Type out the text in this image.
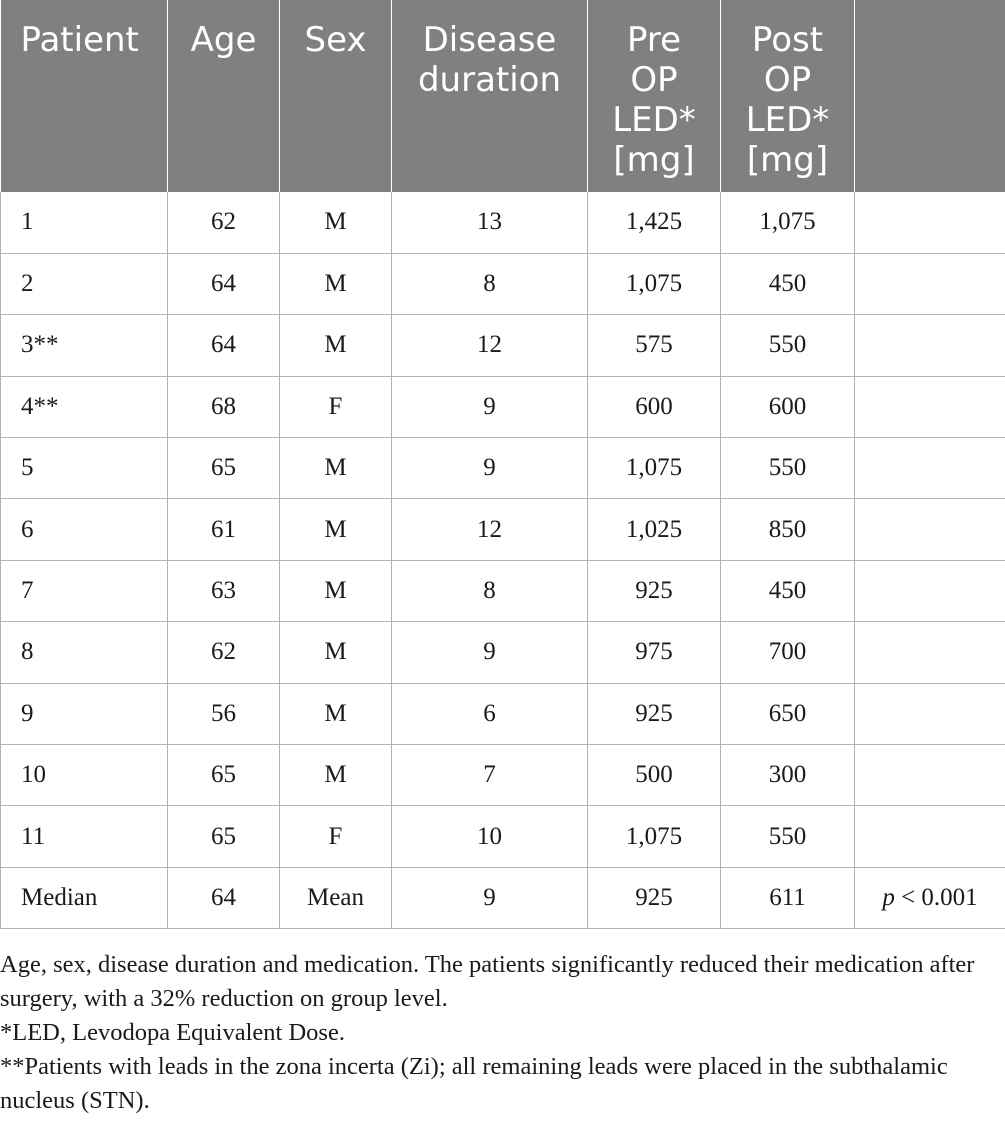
Patient	Age	Sex	Disease duration	Pre OP LED* [mg]	Post OP LED* [mg]	
1	62	M	13	1,425	1,075	
2	64	M	8	1,075	450	
3**	64	M	12	575	550	
4**	68	F	9	600	600	
5	65	M	9	1,075	550	
6	61	M	12	1,025	850	
7	63	M	8	925	450	
8	62	M	9	975	700	
9	56	M	6	925	650	
10	65	M	7	500	300	
11	65	F	10	1,075	550	
Median	64	Mean	9	925	611	p < 0.001

Age, sex, disease duration and medication. The patients significantly reduced their medication after surgery, with a 32% reduction on group level.

*LED, Levodopa Equivalent Dose.

**Patients with leads in the zona incerta (Zi); all remaining leads were placed in the subthalamic nucleus (STN).
